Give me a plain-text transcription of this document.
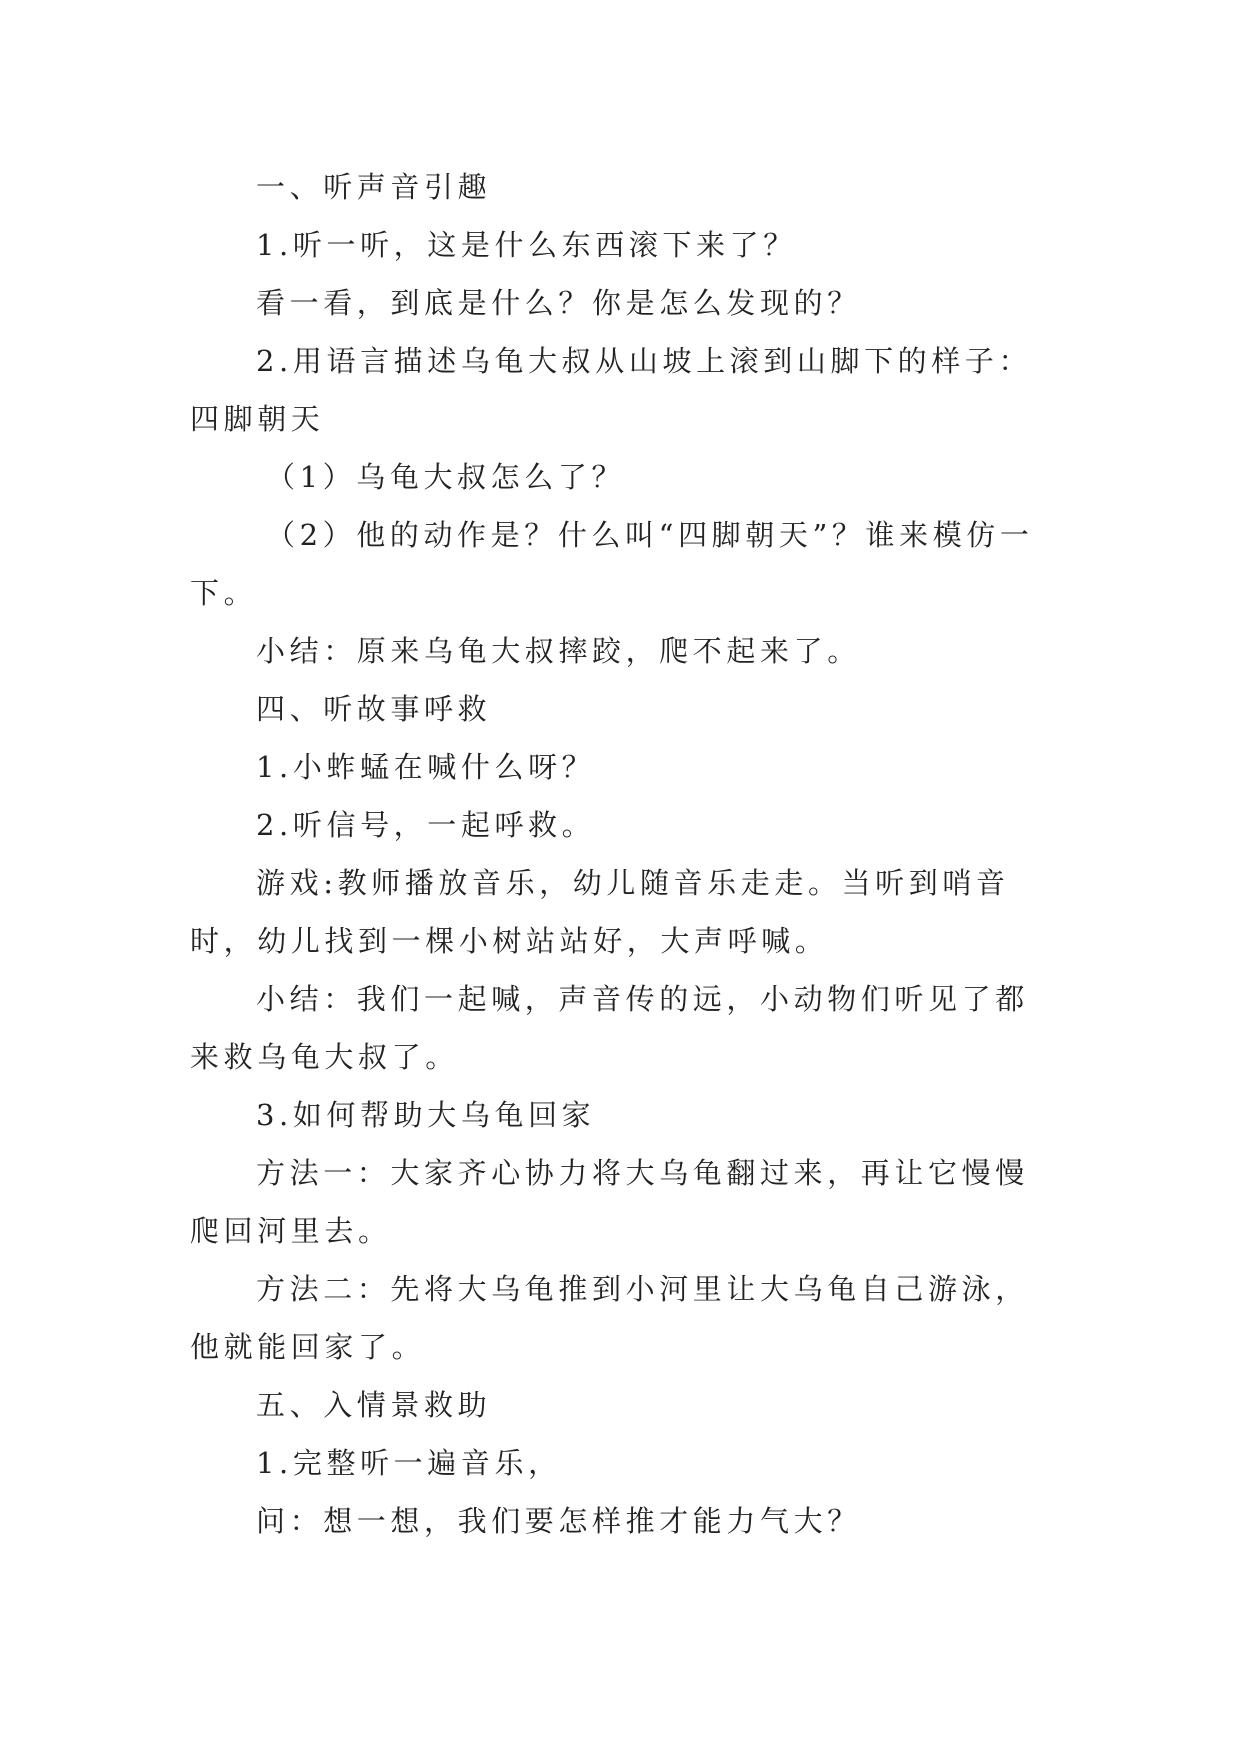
一、听声音引趣

1.听一听，这是什么东西滚下来了？

看一看，到底是什么？你是怎么发现的？

2.用语言描述乌龟大叔从山坡上滚到山脚下的样子：四脚朝天

（1）乌龟大叔怎么了？

（2）他的动作是？什么叫“四脚朝天”？谁来模仿一下。

小结：原来乌龟大叔摔跤，爬不起来了。

四、听故事呼救

1.小蚱蜢在喊什么呀？

2.听信号，一起呼救。

游戏:教师播放音乐，幼儿随音乐走走。当听到哨音时，幼儿找到一棵小树站站好，大声呼喊。

小结：我们一起喊，声音传的远，小动物们听见了都来救乌龟大叔了。

3.如何帮助大乌龟回家

方法一：大家齐心协力将大乌龟翻过来，再让它慢慢爬回河里去。

方法二：先将大乌龟推到小河里让大乌龟自己游泳，他就能回家了。

五、入情景救助

1.完整听一遍音乐，

问：想一想，我们要怎样推才能力气大？
